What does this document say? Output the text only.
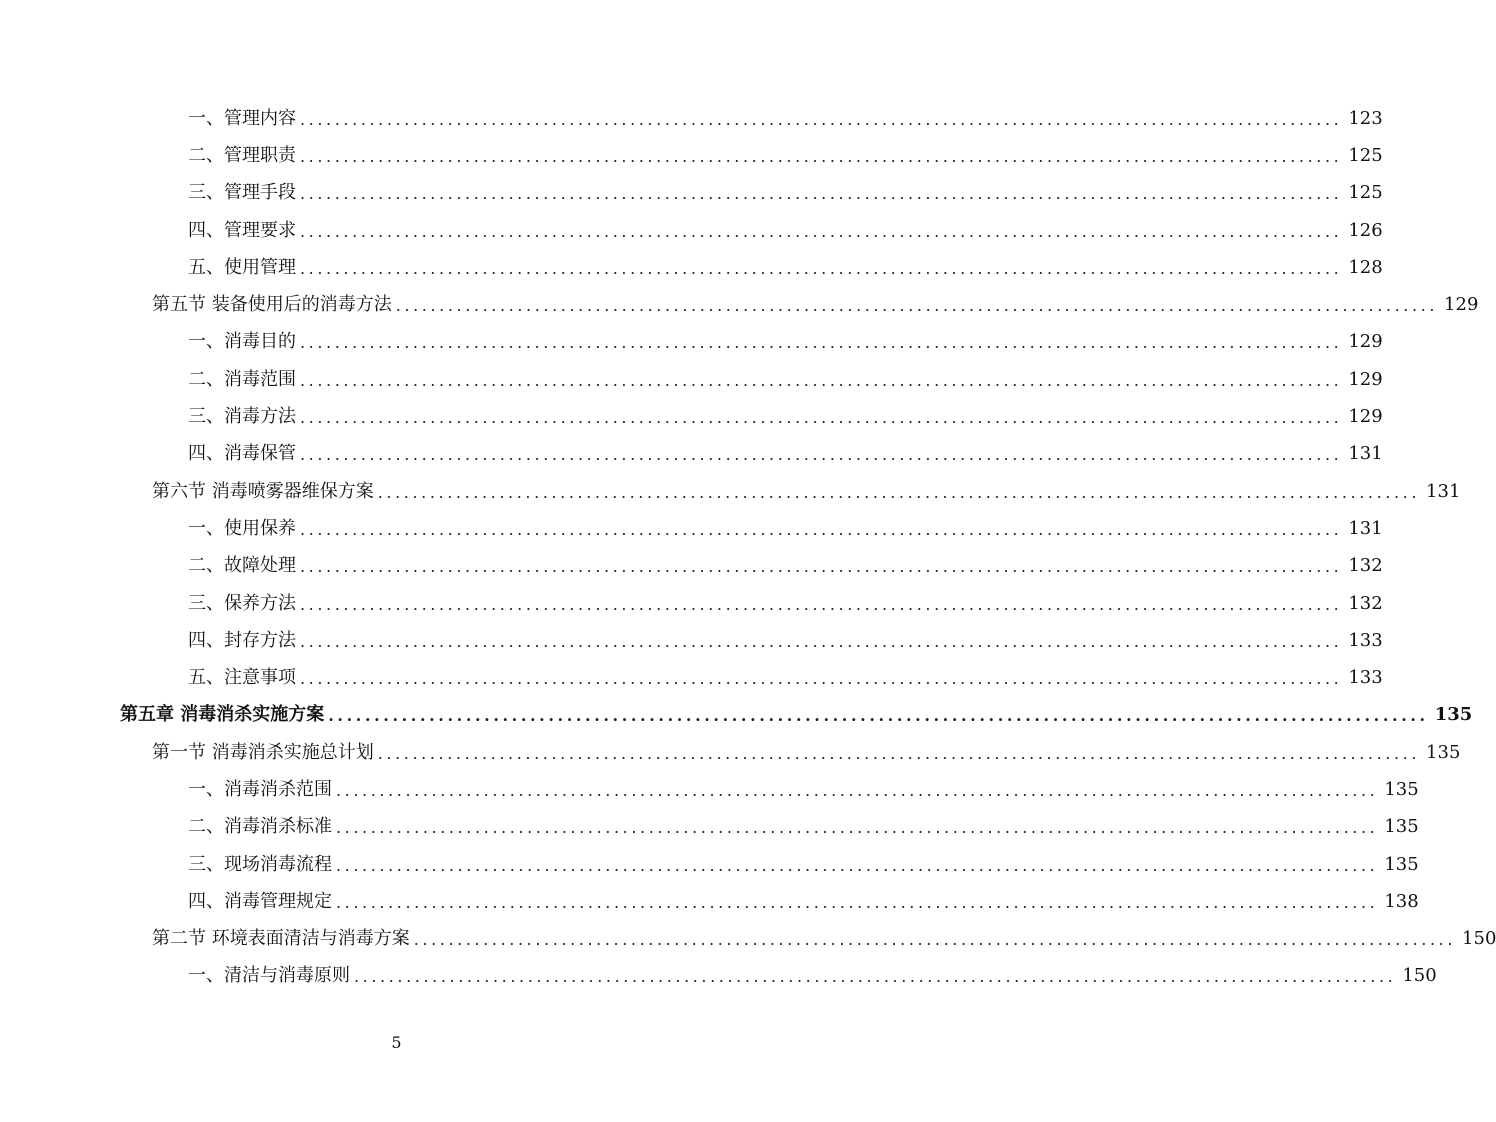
一、管理内容 ........................................................................................................................ 123
二、管理职责 ........................................................................................................................ 125
三、管理手段 ........................................................................................................................ 125
四、管理要求 ........................................................................................................................ 126
五、使用管理 ........................................................................................................................ 128
第五节 装备使用后的消毒方法 ........................................................................................................................ 129
一、消毒目的 ........................................................................................................................ 129
二、消毒范围 ........................................................................................................................ 129
三、消毒方法 ........................................................................................................................ 129
四、消毒保管 ........................................................................................................................ 131
第六节 消毒喷雾器维保方案 ........................................................................................................................ 131
一、使用保养 ........................................................................................................................ 131
二、故障处理 ........................................................................................................................ 132
三、保养方法 ........................................................................................................................ 132
四、封存方法 ........................................................................................................................ 133
五、注意事项 ........................................................................................................................ 133
第五章 消毒消杀实施方案 ........................................................................................................................ 135
第一节 消毒消杀实施总计划 ........................................................................................................................ 135
一、消毒消杀范围 ........................................................................................................................ 135
二、消毒消杀标准 ........................................................................................................................ 135
三、现场消毒流程 ........................................................................................................................ 135
四、消毒管理规定 ........................................................................................................................ 138
第二节 环境表面清洁与消毒方案 ........................................................................................................................ 150
一、清洁与消毒原则 ........................................................................................................................ 150
5
